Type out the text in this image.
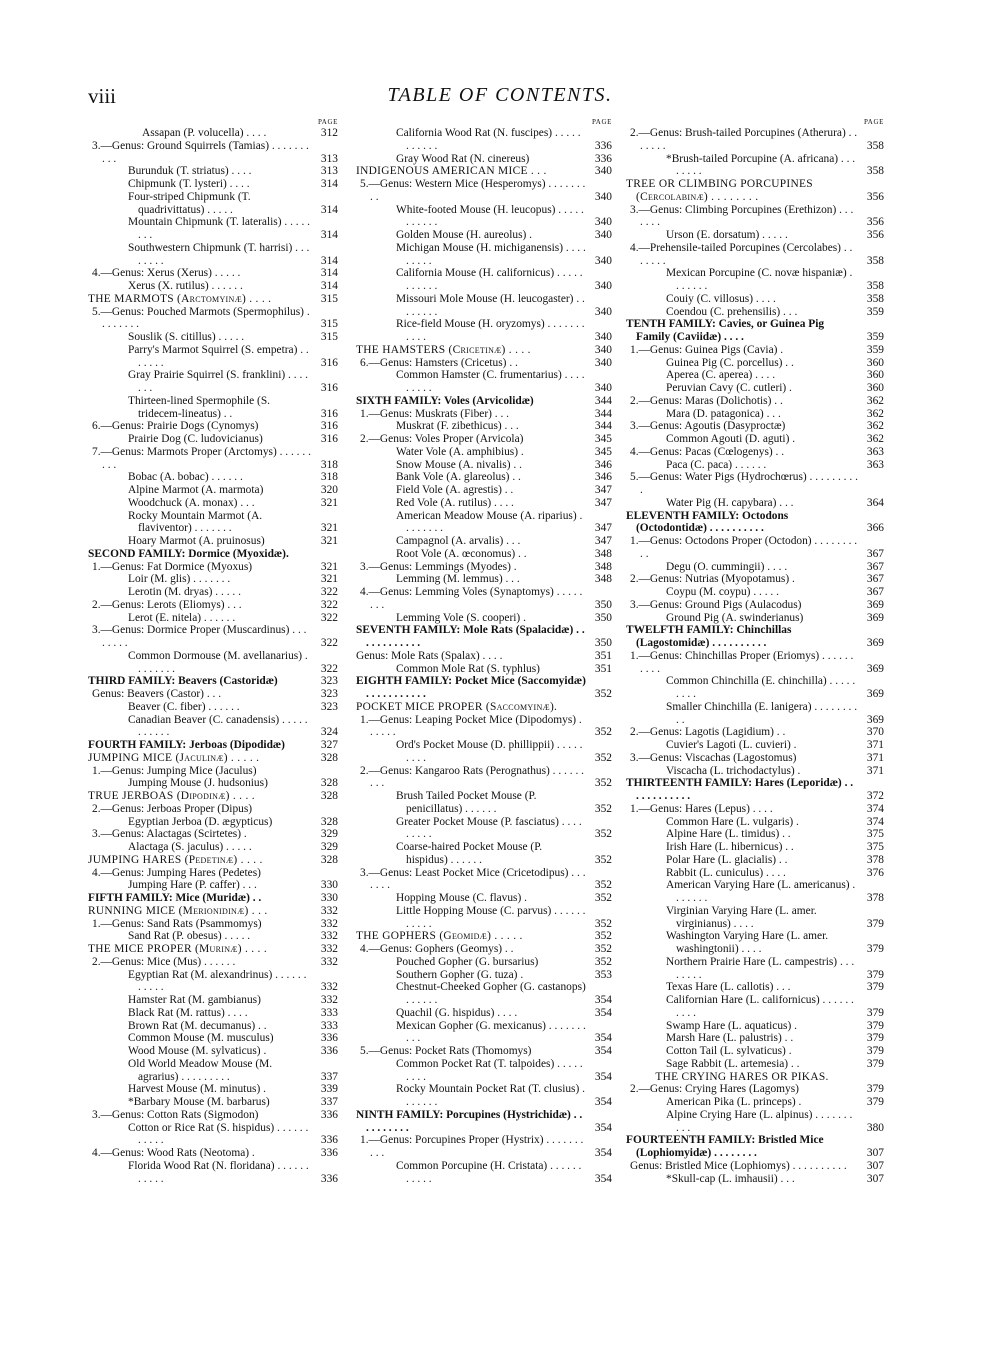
viii	TABLE OF CONTENTS.
PAGE
Assapan (P. volucella) . . . .	312
3.—Genus: Ground Squirrels (Tamias) . . . . . . . . . .	313
Burunduk (T. striatus) . . . .	313
Chipmunk (T. lysteri) . . . .	314
Four-striped Chipmunk (T. quadrivittatus) . . . . .	314
Mountain Chipmunk (T. lateralis) . . . . . . . .	314
Southwestern Chipmunk (T. harrisi) . . . . . . . .	314
4.—Genus: Xerus (Xerus) . . . . .	314
Xerus (X. rutilus) . . . . . .	314
THE MARMOTS (Arctomyinæ) . . . .	315
5.—Genus: Pouched Marmots (Spermophilus) . . . . . . . .	315
Souslik (S. citillus) . . . . .	315
Parry's Marmot Squirrel (S. empetra) . . . . . . .	316
Gray Prairie Squirrel (S. franklini) . . . . . . .	316
Thirteen-lined Spermophile (S. tridecem-lineatus) . .	316
6.—Genus: Prairie Dogs (Cynomys)	316
Prairie Dog (C. ludovicianus)	316
7.—Genus: Marmots Proper (Arctomys) . . . . . . . . .	318
Bobac (A. bobac) . . . . . .	318
Alpine Marmot (A. marmota)	320
Woodchuck (A. monax) . . .	321
Rocky Mountain Marmot (A. flaviventor) . . . . . . .	321
Hoary Marmot (A. pruinosus)	321
SECOND FAMILY: Dormice (Myoxidæ).
1.—Genus: Fat Dormice (Myoxus)	321
Loir (M. glis) . . . . . . .	321
Lerotin (M. dryas) . . . . .	322
2.—Genus: Lerots (Eliomys) . . .	322
Lerot (E. nitela) . . . . . .	322
3.—Genus: Dormice Proper (Muscardinus) . . . . . . . .	322
Common Dormouse (M. avellanarius) . . . . . . . .	322
THIRD FAMILY: Beavers (Castoridæ)	323
Genus: Beavers (Castor) . . .	323
Beaver (C. fiber) . . . . . .	323
Canadian Beaver (C. canadensis) . . . . . . . . . . .	324
FOURTH FAMILY: Jerboas (Dipodidæ)	327
JUMPING MICE (Jaculinæ) . . . . .	328
1.—Genus: Jumping Mice (Jaculus)
Jumping Mouse (J. hudsonius)	328
TRUE JERBOAS (Dipodinæ) . . . .	328
2.—Genus: Jerboas Proper (Dipus)
Egyptian Jerboa (D. ægypticus)	328
3.—Genus: Alactagas (Scirtetes) .	329
Alactaga (S. jaculus) . . . . .	329
JUMPING HARES (Pedetinæ) . . . .	328
4.—Genus: Jumping Hares (Pedetes)
Jumping Hare (P. caffer) . . .	330
FIFTH FAMILY: Mice (Muridæ) . .	330
RUNNING MICE (Merionidinæ) . . .	332
1.—Genus: Sand Rats (Psammomys)	332
Sand Rat (P. obesus) . . . . .	332
THE MICE PROPER (Murinæ) . . . .	332
2.—Genus: Mice (Mus) . . . . . .	332
Egyptian Rat (M. alexandrinus) . . . . . . . . . . .	332
Hamster Rat (M. gambianus)	332
Black Rat (M. rattus) . . . .	333
Brown Rat (M. decumanus) . .	333
Common Mouse (M. musculus)	336
Wood Mouse (M. sylvaticus) .	336
Old World Meadow Mouse (M. agrarius) . . . . . . . . .	337
Harvest Mouse (M. minutus) .	339
*Barbary Mouse (M. barbarus)	337
3.—Genus: Cotton Rats (Sigmodon)	336
Cotton or Rice Rat (S. hispidus) . . . . . . . . . . .	336
4.—Genus: Wood Rats (Neotoma) .	336
Florida Wood Rat (N. floridana) . . . . . . . . . . .	336
PAGE
California Wood Rat (N. fuscipes) . . . . . . . . . . .	336
Gray Wood Rat (N. cinereus)	336
INDIGENOUS AMERICAN MICE . . .	340
5.—Genus: Western Mice (Hesperomys) . . . . . . . . .	340
White-footed Mouse (H. leucopus) . . . . . . . . . . .	340
Golden Mouse (H. aureolus) .	340
Michigan Mouse (H. michiganensis) . . . . . . . . .	340
California Mouse (H. californicus) . . . . . . . . . . .	340
Missouri Mole Mouse (H. leucogaster) . . . . . . . .	340
Rice-field Mouse (H. oryzomys) . . . . . . . . . . .	340
THE HAMSTERS (Cricetinæ) . . . .	340
6.—Genus: Hamsters (Cricetus) . .	340
Common Hamster (C. frumentarius) . . . . . . . . .	340
SIXTH FAMILY: Voles (Arvicolidæ)	344
1.—Genus: Muskrats (Fiber) . . .	344
Muskrat (F. zibethicus) . . .	344
2.—Genus: Voles Proper (Arvicola)	345
Water Vole (A. amphibius) .	345
Snow Mouse (A. nivalis) . .	346
Bank Vole (A. glareolus) . .	346
Field Vole (A. agrestis) . .	347
Red Vole (A. rutilus) . . . .	347
American Meadow Mouse (A. riparius) . . . . . . . .	347
Campagnol (A. arvalis) . . .	347
Root Vole (A. œconomus) . .	348
3.—Genus: Lemmings (Myodes) .	348
Lemming (M. lemmus) . . .	348
4.—Genus: Lemming Voles (Synaptomys) . . . . . . . .	350
Lemming Vole (S. cooperi) .	350
SEVENTH FAMILY: Mole Rats (Spalacidæ) . . . . . . . . . . . .	350
Genus: Mole Rats (Spalax) . . . .	351
Common Mole Rat (S. typhlus)	351
EIGHTH FAMILY: Pocket Mice (Saccomyidæ) . . . . . . . . . . .	352
POCKET MICE PROPER (Saccomyinæ).
1.—Genus: Leaping Pocket Mice (Dipodomys) . . . . . .	352
Ord's Pocket Mouse (D. phillippii) . . . . . . . . .	352
2.—Genus: Kangaroo Rats (Perognathus) . . . . . . . . .	352
Brush Tailed Pocket Mouse (P. penicillatus) . . . . . .	352
Greater Pocket Mouse (P. fasciatus) . . . . . . . . .	352
Coarse-haired Pocket Mouse (P. hispidus) . . . . . .	352
3.—Genus: Least Pocket Mice (Cricetodipus) . . . . . . .	352
Hopping Mouse (C. flavus) .	352
Little Hopping Mouse (C. parvus) . . . . . . . . . . .	352
THE GOPHERS (Geomidæ) . . . . .	352
4.—Genus: Gophers (Geomys) . .	352
Pouched Gopher (G. bursarius)	352
Southern Gopher (G. tuza) .	353
Chestnut-Cheeked Gopher (G. castanops) . . . . . .	354
Quachil (G. hispidus) . . . .	354
Mexican Gopher (G. mexicanus) . . . . . . . . . .	354
5.—Genus: Pocket Rats (Thomomys)	354
Common Pocket Rat (T. talpoides) . . . . . . . . .	354
Rocky Mountain Pocket Rat (T. clusius) . . . . . . .	354
NINTH FAMILY: Porcupines (Hystrichidæ) . . . . . . . . . .	354
1.—Genus: Porcupines Proper (Hystrix) . . . . . . . . . .	354
Common Porcupine (H. Cristata) . . . . . . . . . . .	354
PAGE
2.—Genus: Brush-tailed Porcupines (Atherura) . . . . . . .	358
*Brush-tailed Porcupine (A. africana) . . . . . . . .	358
TREE OR CLIMBING PORCUPINES (Cercolabinæ) . . . . . . . .	356
3.—Genus: Climbing Porcupines (Erethizon) . . . . . . .	356
Urson (E. dorsatum) . . . . .	356
4.—Prehensile-tailed Porcupines (Cercolabes) . . . . . . .	358
Mexican Porcupine (C. novæ hispaniæ) . . . . . . .	358
Couiy (C. villosus) . . . .	358
Coendou (C. prehensilis) . . .	359
TENTH FAMILY: Cavies, or Guinea Pig Family (Caviidæ) . . . .	359
1.—Genus: Guinea Pigs (Cavia) .	359
Guinea Pig (C. porcellus) . .	360
Aperea (C. aperea) . . . .	360
Peruvian Cavy (C. cutleri) .	360
2.—Genus: Maras (Dolichotis) . .	362
Mara (D. patagonica) . . .	362
3.—Genus: Agoutis (Dasyproctæ)	362
Common Agouti (D. aguti) .	362
4.—Genus: Pacas (Cœlogenys) . .	363
Paca (C. paca) . . . . . .	363
5.—Genus: Water Pigs (Hydrochœrus) . . . . . . . . . .
Water Pig (H. capybara) . . .	364
ELEVENTH FAMILY: Octodons (Octodontidæ) . . . . . . . . . .	366
1.—Genus: Octodons Proper (Octodon) . . . . . . . . . .	367
Degu (O. cummingii) . . . .	367
2.—Genus: Nutrias (Myopotamus) .	367
Coypu (M. coypu) . . . . .	367
3.—Genus: Ground Pigs (Aulacodus)	369
Ground Pig (A. swinderianus)	369
TWELFTH FAMILY: Chinchillas (Lagostomidæ) . . . . . . . . . .	369
1.—Genus: Chinchillas Proper (Eriomys) . . . . . . . . . .	369
Common Chinchilla (E. chinchilla) . . . . . . . . .	369
Smaller Chinchilla (E. lanigera) . . . . . . . . . .	369
2.—Genus: Lagotis (Lagidium) . .	370
Cuvier's Lagoti (L. cuvieri) .	371
3.—Genus: Viscachas (Lagostomus)	371
Viscacha (L. trichodactylus) .	371
THIRTEENTH FAMILY: Hares (Leporidæ) . . . . . . . . . . . .	372
1.—Genus: Hares (Lepus) . . . .	374
Common Hare (L. vulgaris) .	374
Alpine Hare (L. timidus) . .	375
Irish Hare (L. hibernicus) . .	375
Polar Hare (L. glacialis) . .	378
Rabbit (L. cuniculus) . . . .	376
American Varying Hare (L. americanus) . . . . . . .	378
Virginian Varying Hare (L. amer. virginianus) . . . .	379
Washington Varying Hare (L. amer. washingtonii) . . . .	379
Northern Prairie Hare (L. campestris) . . . . . . . .	379
Texas Hare (L. callotis) . . .	379
Californian Hare (L. californicus) . . . . . . . . . .	379
Swamp Hare (L. aquaticus) .	379
Marsh Hare (L. palustris) . .	379
Cotton Tail (L. sylvaticus) .	379
Sage Rabbit (L. artemesia) . .	379
THE CRYING HARES OR PIKAS.
2.—Genus: Crying Hares (Lagomys)	379
American Pika (L. princeps) .	379
Alpine Crying Hare (L. alpinus) . . . . . . . . . .	380
FOURTEENTH FAMILY: Bristled Mice (Lophiomyidæ) . . . . . . . .	307
Genus: Bristled Mice (Lophiomys) . . . . . . . . . .	307
*Skull-cap (L. imhausii) . . .	307
